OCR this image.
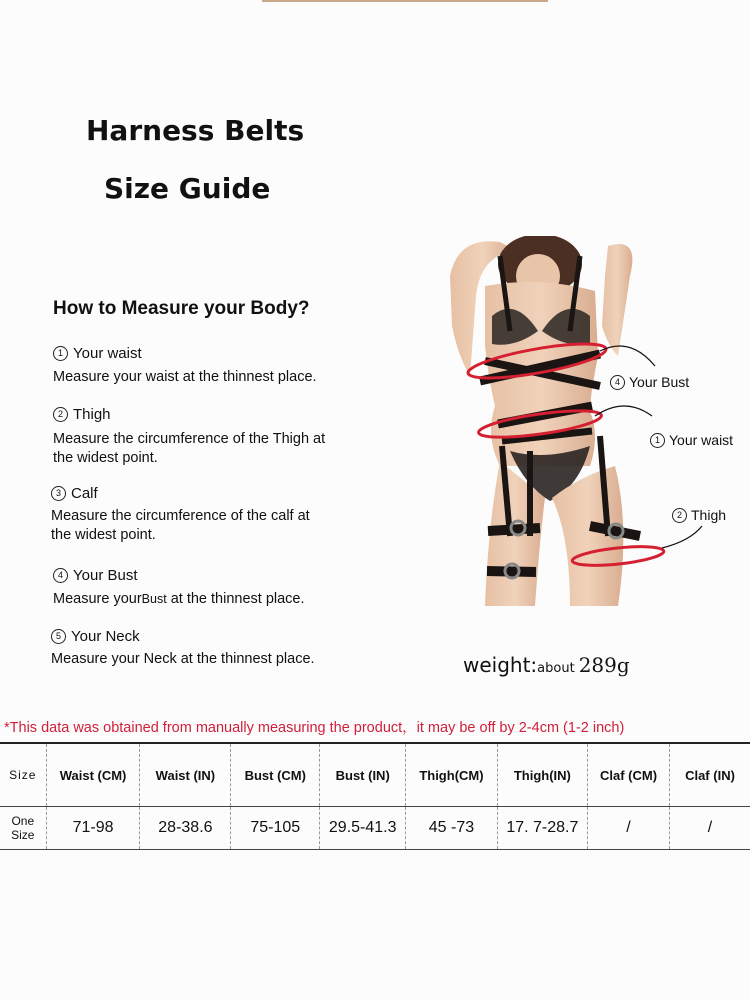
Harness Belts
Size Guide
How to Measure your Body?
1 Your waist
Measure your waist at the thinnest place.
2 Thigh
Measure the circumference of the Thigh at the widest point.
3 Calf
Measure the circumference of the calf at the widest point.
4 Your Bust
Measure yourBust at the thinnest place.
5 Your Neck
Measure your Neck at the thinnest place.
4 Your Bust
1 Your waist
2 Thigh
weight:about 289g
*This data was obtained from manually measuring the product，it may be off by 2-4cm (1-2 inch)
Size	Waist (CM)	Waist (IN)	Bust (CM)	Bust (IN)	Thigh(CM)	Thigh(IN)	Claf (CM)	Claf (IN)
One Size	71-98	28-38.6	75-105	29.5-41.3	45 -73	17. 7-28.7	/	/
